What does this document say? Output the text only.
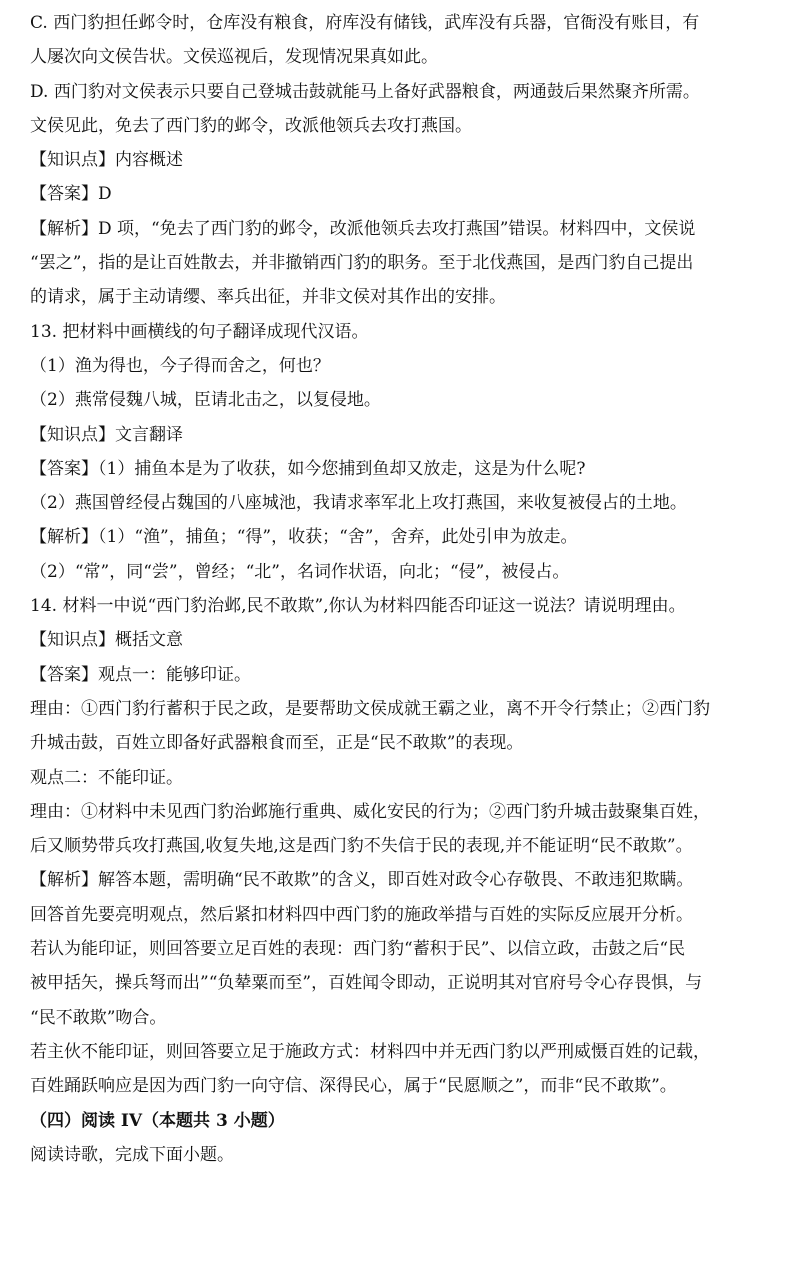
C. 西门豹担任邺令时，仓库没有粮食，府库没有储钱，武库没有兵器，官衙没有账目，有
人屡次向文侯告状。文侯巡视后，发现情况果真如此。
D. 西门豹对文侯表示只要自己登城击鼓就能马上备好武器粮食，两通鼓后果然聚齐所需。
文侯见此，免去了西门豹的邺令，改派他领兵去攻打燕国。
【知识点】内容概述
【答案】D
【解析】D 项，“免去了西门豹的邺令，改派他领兵去攻打燕国”错误。材料四中，文侯说
“罢之”，指的是让百姓散去，并非撤销西门豹的职务。至于北伐燕国，是西门豹自己提出
的请求，属于主动请缨、率兵出征，并非文侯对其作出的安排。
13. 把材料中画横线的句子翻译成现代汉语。
（1）渔为得也，今子得而舍之，何也？
（2）燕常侵魏八城，臣请北击之，以复侵地。
【知识点】文言翻译
【答案】（1）捕鱼本是为了收获，如今您捕到鱼却又放走，这是为什么呢?
（2）燕国曾经侵占魏国的八座城池，我请求率军北上攻打燕国，来收复被侵占的土地。
【解析】（1）“渔”，捕鱼；“得”，收获；“舍”，舍弃，此处引申为放走。
（2）“常”，同“尝”，曾经；“北”，名词作状语，向北；“侵”，被侵占。
14. 材料一中说“西门豹治邺,民不敢欺”,你认为材料四能否印证这一说法？请说明理由。
【知识点】概括文意
【答案】观点一：能够印证。
理由：①西门豹行蓄积于民之政，是要帮助文侯成就王霸之业，离不开令行禁止；②西门豹
升城击鼓，百姓立即备好武器粮食而至，正是“民不敢欺”的表现。
观点二：不能印证。
理由：①材料中未见西门豹治邺施行重典、威化安民的行为；②西门豹升城击鼓聚集百姓，
后又顺势带兵攻打燕国,收复失地,这是西门豹不失信于民的表现,并不能证明“民不敢欺”。
【解析】解答本题，需明确“民不敢欺”的含义，即百姓对政令心存敬畏、不敢违犯欺瞒。
回答首先要亮明观点，然后紧扣材料四中西门豹的施政举措与百姓的实际反应展开分析。
若认为能印证，则回答要立足百姓的表现：西门豹“蓄积于民”、以信立政，击鼓之后“民
被甲括矢，操兵弩而出”“负辇粟而至”，百姓闻令即动，正说明其对官府号令心存畏惧，与
“民不敢欺”吻合。
若主伙不能印证，则回答要立足于施政方式：材料四中并无西门豹以严刑威慑百姓的记载，
百姓踊跃响应是因为西门豹一向守信、深得民心，属于“民愿顺之”，而非“民不敢欺”。
（四）阅读 IV（本题共 3 小题）
阅读诗歌，完成下面小题。
